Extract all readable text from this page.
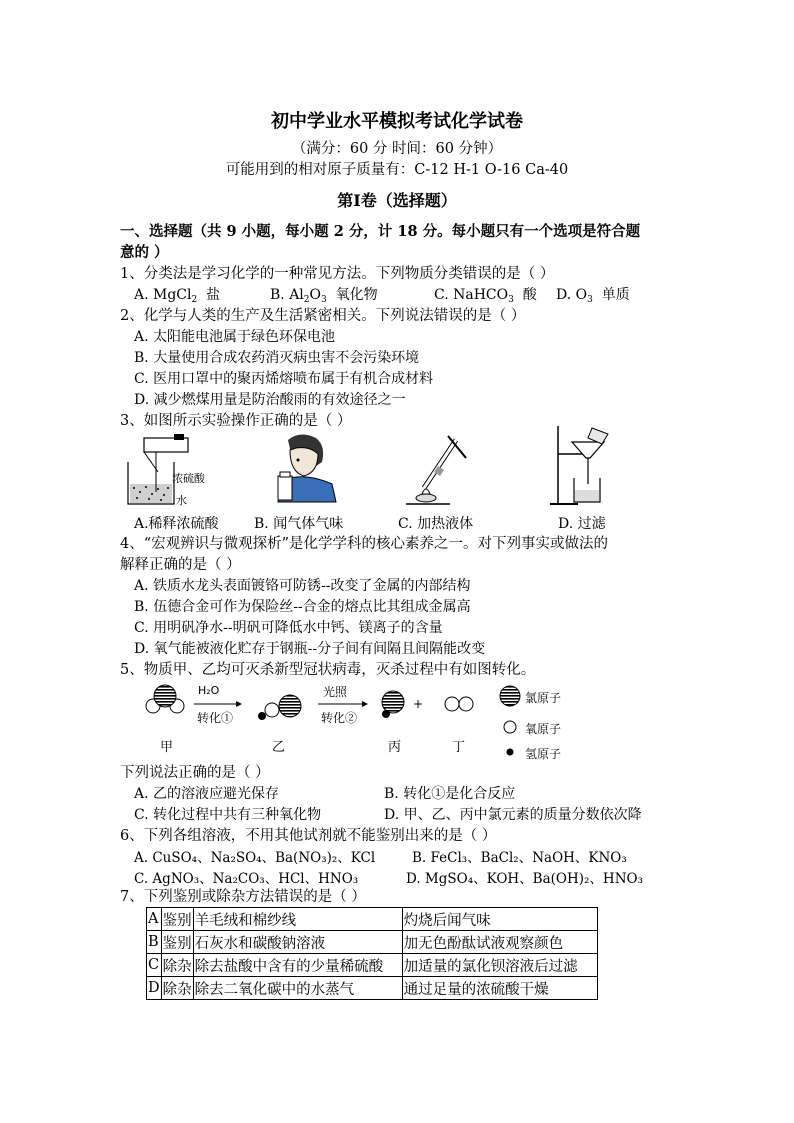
初中学业水平模拟考试化学试卷
（满分：60 分 时间：60 分钟）
可能用到的相对原子质量有：C-12 H-1 O-16 Ca-40
第Ⅰ卷（选择题）
一、选择题（共 9 小题，每小题 2 分，计 18 分。每小题只有一个选项是符合题
意的 ）
1、分类法是学习化学的一种常见方法。下列物质分类错误的是（ ）
A. MgCl$_2$  盐	B. $Al_2O_3$  氧化物	C. NaHCO$_3$  酸 D. $O_3$  单质
2、化学与人类的生产及生活紧密相关。下列说法错误的是（ ）
A. 太阳能电池属于绿色环保电池
B. 大量使用合成农药消灭病虫害不会污染环境
C. 医用口罩中的聚丙烯熔喷布属于有机合成材料
D. 减少燃煤用量是防治酸雨的有效途径之一
3、如图所示实验操作正确的是（ ）
浓硫酸
水
A.稀释浓硫酸	B. 闻气体气味	C. 加热液体	D. 过滤
4、“宏观辨识与微观探析”是化学学科的核心素养之一。对下列事实或做法的
解释正确的是（ ）
A. 铁质水龙头表面镀铬可防锈--改变了金属的内部结构
B. 伍德合金可作为保险丝--合金的熔点比其组成金属高
C. 用明矾净水--明矾可降低水中钙、镁离子的含量
D. 氧气能被液化贮存于钢瓶--分子间有间隔且间隔能改变
5、物质甲、乙均可灭杀新型冠状病毒，灭杀过程中有如图转化。
H₂O
转化①
光照
转化②
+
甲	乙	丙	丁
氯原子
氧原子
氢原子
下列说法正确的是（ ）
A. 乙的溶液应避光保存	B. 转化①是化合反应
C. 转化过程中共有三种氧化物	D. 甲、乙、丙中氯元素的质量分数依次降
6、下列各组溶液，不用其他试剂就不能鉴别出来的是（ ）
A. CuSO₄、Na₂SO₄、Ba(NO₃)₂、KCl	B. FeCl₃、BaCl₂、NaOH、KNO₃
C. AgNO₃、Na₂CO₃、HCl、HNO₃	D. MgSO₄、KOH、Ba(OH)₂、HNO₃
7、下列鉴别或除杂方法错误的是（ ）
A	鉴别	羊毛绒和棉纱线	灼烧后闻气味
B	鉴别	石灰水和碳酸钠溶液	加无色酚酞试液观察颜色
C	除杂	除去盐酸中含有的少量稀硫酸	加适量的氯化钡溶液后过滤
D	除杂	除去二氧化碳中的水蒸气	通过足量的浓硫酸干燥
